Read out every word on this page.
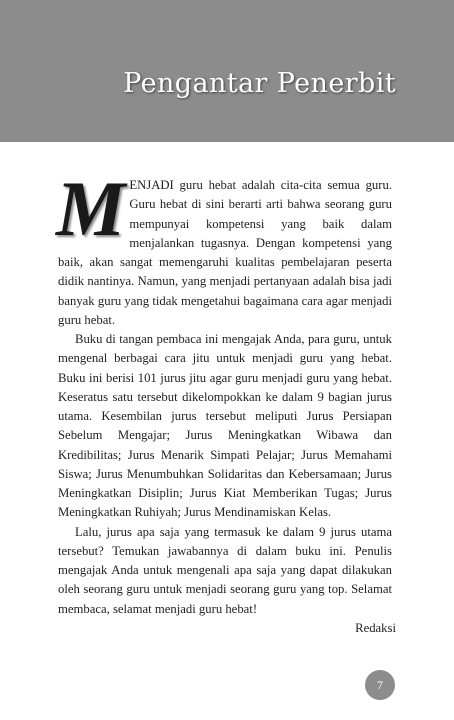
Pengantar Penerbit

MENJADI guru hebat adalah cita-cita semua guru. Guru hebat di sini berarti arti bahwa seorang guru mempunyai kompetensi yang baik dalam menjalankan tugasnya. Dengan kompetensi yang baik, akan sangat memengaruhi kualitas pembelajaran peserta didik nantinya. Namun, yang menjadi pertanyaan adalah bisa jadi banyak guru yang tidak mengetahui bagaimana cara agar menjadi guru hebat.

Buku di tangan pembaca ini mengajak Anda, para guru, untuk mengenal berbagai cara jitu untuk menjadi guru yang hebat. Buku ini berisi 101 jurus jitu agar guru menjadi guru yang hebat. Keseratus satu tersebut dikelompokkan ke dalam 9 bagian jurus utama. Kesembilan jurus tersebut meliputi Jurus Persiapan Sebelum Mengajar; Jurus Meningkatkan Wibawa dan Kredibilitas; Jurus Menarik Simpati Pelajar; Jurus Memahami Siswa; Jurus Menumbuhkan Solidaritas dan Kebersamaan; Jurus Meningkatkan Disiplin; Jurus Kiat Memberikan Tugas; Jurus Meningkatkan Ruhiyah; Jurus Mendinamiskan Kelas.

Lalu, jurus apa saja yang termasuk ke dalam 9 jurus utama tersebut? Temukan jawabannya di dalam buku ini. Penulis mengajak Anda untuk mengenali apa saja yang dapat dilakukan oleh seorang guru untuk menjadi seorang guru yang top. Selamat membaca, selamat menjadi guru hebat!

Redaksi
7
